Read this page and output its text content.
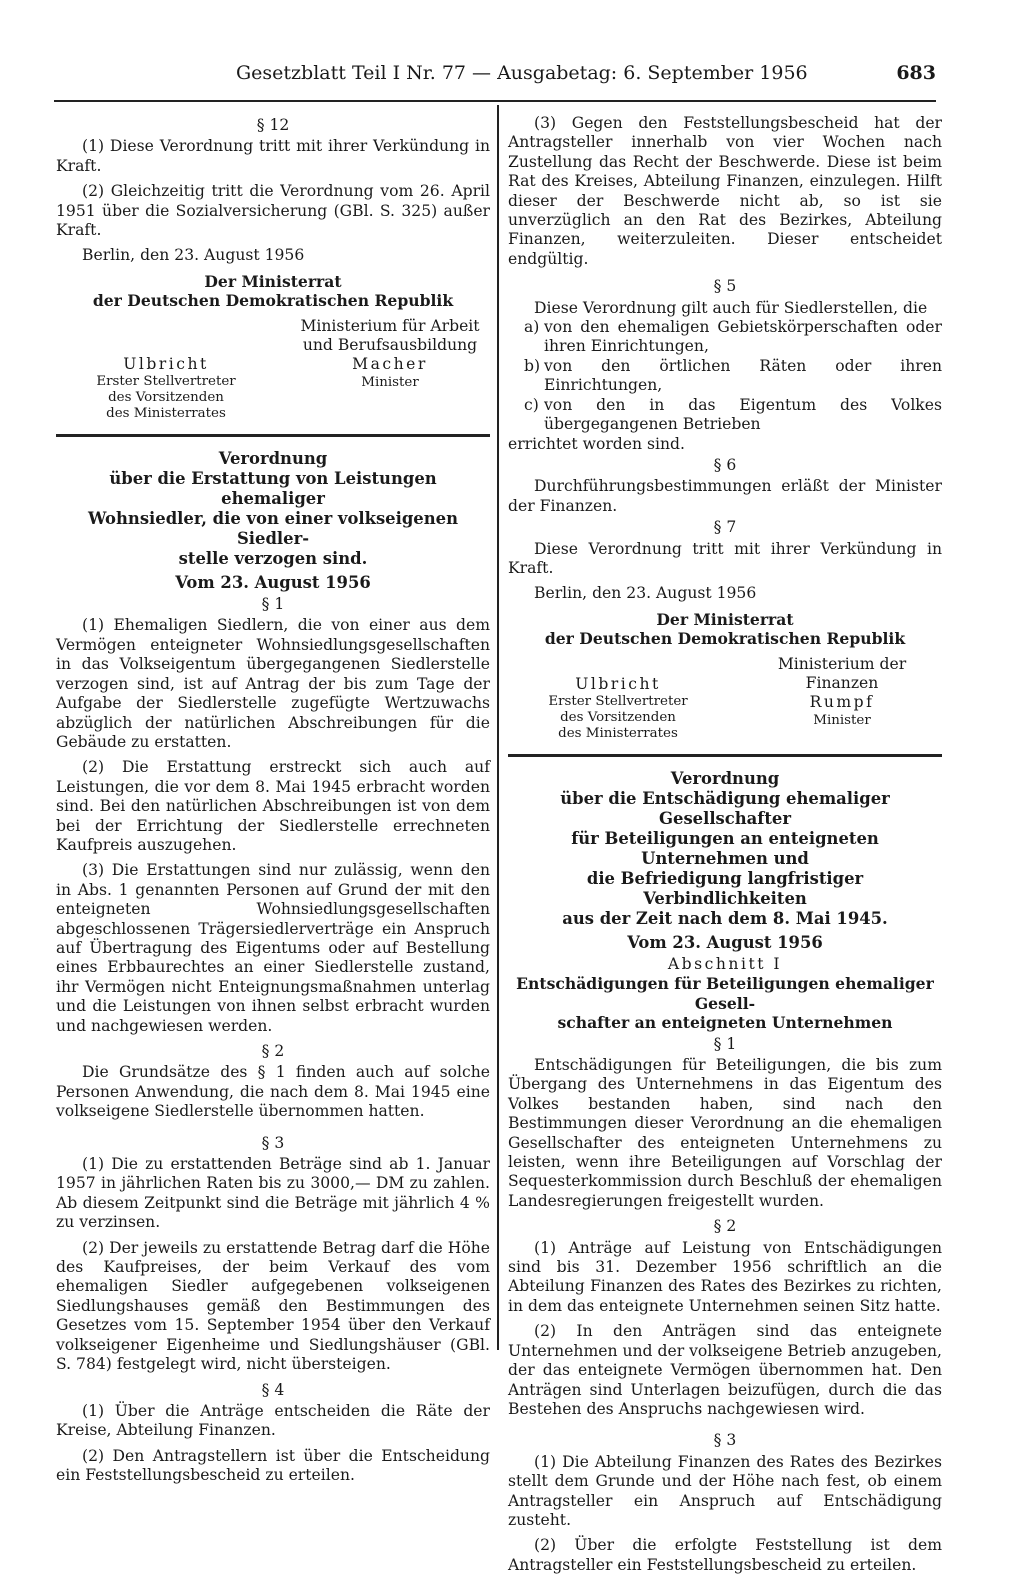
Gesetzblatt Teil I Nr. 77 — Ausgabetag: 6. September 1956	683
§ 12

(1) Diese Verordnung tritt mit ihrer Verkündung in Kraft.

(2) Gleichzeitig tritt die Verordnung vom 26. April 1951 über die Sozialversicherung (GBl. S. 325) außer Kraft.

Berlin, den 23. August 1956

Der Ministerrat
der Deutschen Demokratischen Republik
Ulbricht
Erster Stellvertreter
des Vorsitzenden
des Ministerrates
Ministerium für Arbeit
und Berufsausbildung
Macher
Minister
Verordnung
über die Erstattung von Leistungen ehemaliger
Wohnsiedler, die von einer volkseigenen Siedler-
stelle verzogen sind.
Vom 23. August 1956
§ 1

(1) Ehemaligen Siedlern, die von einer aus dem Vermögen enteigneter Wohnsiedlungsgesellschaften in das Volkseigentum übergegangenen Siedlerstelle verzogen sind, ist auf Antrag der bis zum Tage der Aufgabe der Siedlerstelle zugefügte Wertzuwachs abzüglich der natürlichen Abschreibungen für die Gebäude zu erstatten.

(2) Die Erstattung erstreckt sich auch auf Leistungen, die vor dem 8. Mai 1945 erbracht worden sind. Bei den natürlichen Abschreibungen ist von dem bei der Errichtung der Siedlerstelle errechneten Kaufpreis auszugehen.

(3) Die Erstattungen sind nur zulässig, wenn den in Abs. 1 genannten Personen auf Grund der mit den enteigneten Wohnsiedlungsgesellschaften abgeschlossenen Trägersiedlerverträge ein Anspruch auf Übertragung des Eigentums oder auf Bestellung eines Erbbaurechtes an einer Siedlerstelle zustand, ihr Vermögen nicht Enteignungsmaßnahmen unterlag und die Leistungen von ihnen selbst erbracht wurden und nachgewiesen werden.

§ 2

Die Grundsätze des § 1 finden auch auf solche Personen Anwendung, die nach dem 8. Mai 1945 eine volkseigene Siedlerstelle übernommen hatten.

§ 3

(1) Die zu erstattenden Beträge sind ab 1. Januar 1957 in jährlichen Raten bis zu 3000,— DM zu zahlen. Ab diesem Zeitpunkt sind die Beträge mit jährlich 4 % zu verzinsen.

(2) Der jeweils zu erstattende Betrag darf die Höhe des Kaufpreises, der beim Verkauf des vom ehemaligen Siedler aufgegebenen volkseigenen Siedlungshauses gemäß den Bestimmungen des Gesetzes vom 15. September 1954 über den Verkauf volkseigener Eigenheime und Siedlungshäuser (GBl. S. 784) festgelegt wird, nicht übersteigen.

§ 4

(1) Über die Anträge entscheiden die Räte der Kreise, Abteilung Finanzen.

(2) Den Antragstellern ist über die Entscheidung ein Feststellungsbescheid zu erteilen.

(3) Gegen den Feststellungsbescheid hat der Antragsteller innerhalb von vier Wochen nach Zustellung das Recht der Beschwerde. Diese ist beim Rat des Kreises, Abteilung Finanzen, einzulegen. Hilft dieser der Beschwerde nicht ab, so ist sie unverzüglich an den Rat des Bezirkes, Abteilung Finanzen, weiterzuleiten. Dieser entscheidet endgültig.

§ 5

Diese Verordnung gilt auch für Siedlerstellen, die

a) von den ehemaligen Gebietskörperschaften oder ihren Einrichtungen,
b) von den örtlichen Räten oder ihren Einrichtungen,
c) von den in das Eigentum des Volkes übergegangenen Betrieben

errichtet worden sind.

§ 6

Durchführungsbestimmungen erläßt der Minister der Finanzen.

§ 7

Diese Verordnung tritt mit ihrer Verkündung in Kraft.

Berlin, den 23. August 1956

Der Ministerrat
der Deutschen Demokratischen Republik
Ulbricht
Erster Stellvertreter
des Vorsitzenden
des Ministerrates
Ministerium der Finanzen
Rumpf
Minister
Verordnung
über die Entschädigung ehemaliger Gesellschafter
für Beteiligungen an enteigneten Unternehmen und
die Befriedigung langfristiger Verbindlichkeiten
aus der Zeit nach dem 8. Mai 1945.
Vom 23. August 1956
Abschnitt I
Entschädigungen für Beteiligungen ehemaliger Gesell-
schafter an enteigneten Unternehmen
§ 1

Entschädigungen für Beteiligungen, die bis zum Übergang des Unternehmens in das Eigentum des Volkes bestanden haben, sind nach den Bestimmungen dieser Verordnung an die ehemaligen Gesellschafter des enteigneten Unternehmens zu leisten, wenn ihre Beteiligungen auf Vorschlag der Sequesterkommission durch Beschluß der ehemaligen Landesregierungen freigestellt wurden.

§ 2

(1) Anträge auf Leistung von Entschädigungen sind bis 31. Dezember 1956 schriftlich an die Abteilung Finanzen des Rates des Bezirkes zu richten, in dem das enteignete Unternehmen seinen Sitz hatte.

(2) In den Anträgen sind das enteignete Unternehmen und der volkseigene Betrieb anzugeben, der das enteignete Vermögen übernommen hat. Den Anträgen sind Unterlagen beizufügen, durch die das Bestehen des Anspruchs nachgewiesen wird.

§ 3

(1) Die Abteilung Finanzen des Rates des Bezirkes stellt dem Grunde und der Höhe nach fest, ob einem Antragsteller ein Anspruch auf Entschädigung zusteht.

(2) Über die erfolgte Feststellung ist dem Antragsteller ein Feststellungsbescheid zu erteilen.
